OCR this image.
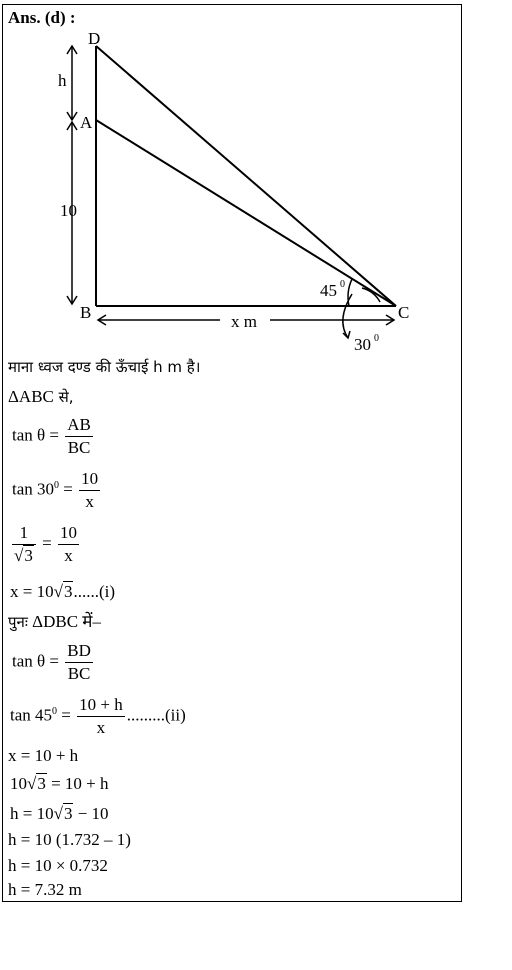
Ans. (d) :
D
A
B	C
h
10
x m
45 0
30 0
माना ध्वज दण्ड की ऊँचाई h m है।
ΔABC से,
$\tan \theta = \frac{AB}{BC}$
$\tan 30^0 = \frac{10}{x}$
$\frac{1}{√3} = \frac{10}{x}$
x = 10√3......(i)
पुनः ΔDBC में–
$\tan \theta = \frac{BD}{BC}$
$\tan 45^0 = \frac{10 + h}{x} .........(ii)$
x = 10 + h
10√3 = 10 + h
h = 10√3 − 10
h = 10 (1.732 – 1)
h = 10 × 0.732
h = 7.32 m
